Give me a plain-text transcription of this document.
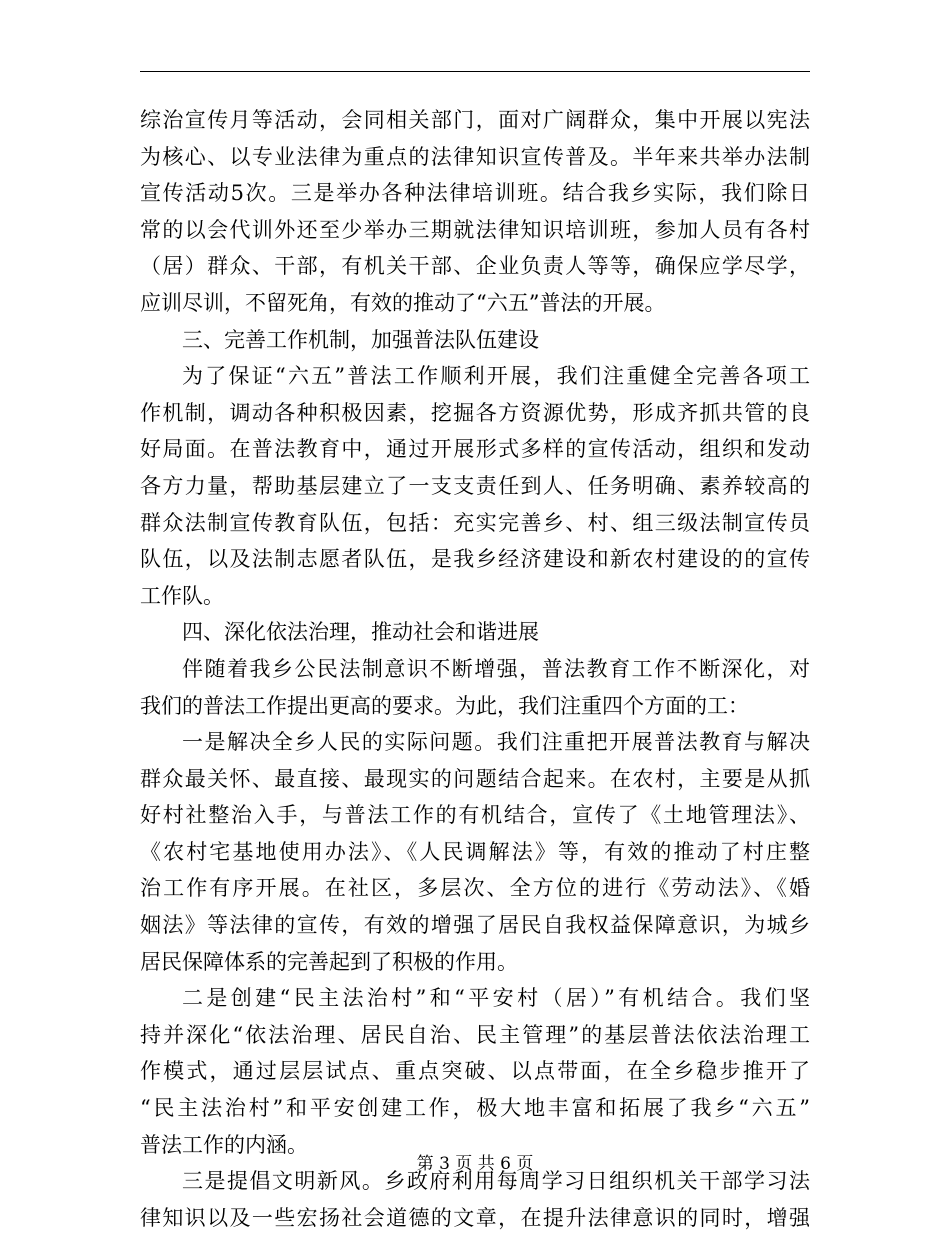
综治宣传月等活动，会同相关部门，面对广阔群众，集中开展以宪法
为核心、以专业法律为重点的法律知识宣传普及。半年来共举办法制
宣传活动5次。三是举办各种法律培训班。结合我乡实际，我们除日
常的以会代训外还至少举办三期就法律知识培训班，参加人员有各村
（居）群众、干部，有机关干部、企业负责人等等，确保应学尽学，
应训尽训，不留死角，有效的推动了“六五”普法的开展。
三、完善工作机制，加强普法队伍建设
为了保证“六五”普法工作顺利开展，我们注重健全完善各项工
作机制，调动各种积极因素，挖掘各方资源优势，形成齐抓共管的良
好局面。在普法教育中，通过开展形式多样的宣传活动，组织和发动
各方力量，帮助基层建立了一支支责任到人、任务明确、素养较高的
群众法制宣传教育队伍，包括：充实完善乡、村、组三级法制宣传员
队伍，以及法制志愿者队伍，是我乡经济建设和新农村建设的的宣传
工作队。
四、深化依法治理，推动社会和谐进展
伴随着我乡公民法制意识不断增强，普法教育工作不断深化，对
我们的普法工作提出更高的要求。为此，我们注重四个方面的工：
一是解决全乡人民的实际问题。我们注重把开展普法教育与解决
群众最关怀、最直接、最现实的问题结合起来。在农村，主要是从抓
好村社整治入手，与普法工作的有机结合，宣传了《土地管理法》、
《农村宅基地使用办法》、《人民调解法》等，有效的推动了村庄整
治工作有序开展。在社区，多层次、全方位的进行《劳动法》、《婚
姻法》等法律的宣传，有效的增强了居民自我权益保障意识，为城乡
居民保障体系的完善起到了积极的作用。
二是创建“民主法治村”和“平安村（居）”有机结合。我们坚
持并深化“依法治理、居民自治、民主管理”的基层普法依法治理工
作模式，通过层层试点、重点突破、以点带面，在全乡稳步推开了
“民主法治村”和平安创建工作，极大地丰富和拓展了我乡“六五”
普法工作的内涵。
三是提倡文明新风。乡政府利用每周学习日组织机关干部学习法
律知识以及一些宏扬社会道德的文章，在提升法律意识的同时，增强
第 3 页 共 6 页
